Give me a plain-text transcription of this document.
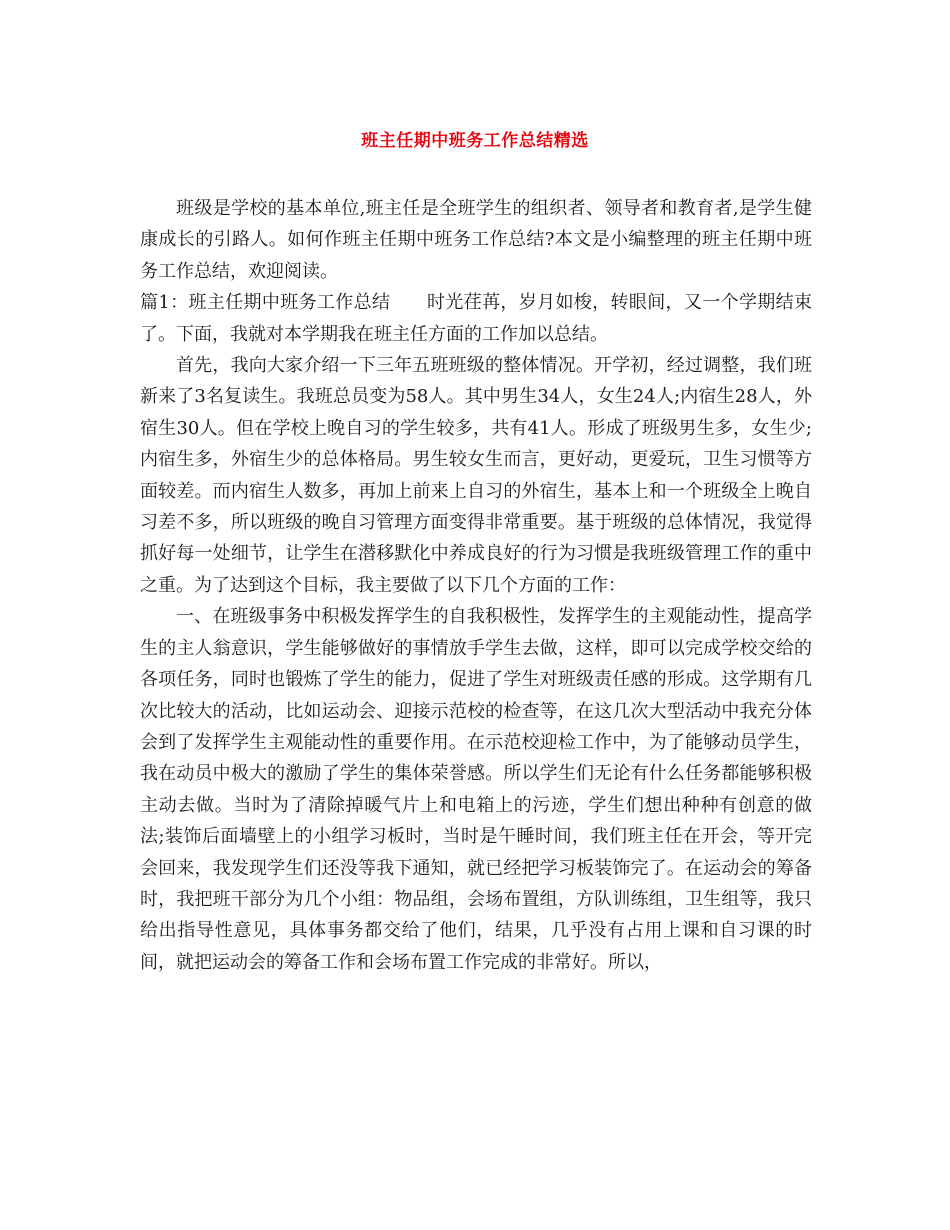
班主任期中班务工作总结精选

班级是学校的基本单位,班主任是全班学生的组织者、领导者和教育者,是学生健康成长的引路人。如何作班主任期中班务工作总结?本文是小编整理的班主任期中班务工作总结，欢迎阅读。

篇1：班主任期中班务工作总结　　时光荏苒，岁月如梭，转眼间，又一个学期结束了。下面，我就对本学期我在班主任方面的工作加以总结。

首先，我向大家介绍一下三年五班班级的整体情况。开学初，经过调整，我们班新来了3名复读生。我班总员变为58人。其中男生34人，女生24人;内宿生28人，外宿生30人。但在学校上晚自习的学生较多，共有41人。形成了班级男生多，女生少;内宿生多，外宿生少的总体格局。男生较女生而言，更好动，更爱玩，卫生习惯等方面较差。而内宿生人数多，再加上前来上自习的外宿生，基本上和一个班级全上晚自习差不多，所以班级的晚自习管理方面变得非常重要。基于班级的总体情况，我觉得抓好每一处细节，让学生在潜移默化中养成良好的行为习惯是我班级管理工作的重中之重。为了达到这个目标，我主要做了以下几个方面的工作：

一、在班级事务中积极发挥学生的自我积极性，发挥学生的主观能动性，提高学生的主人翁意识，学生能够做好的事情放手学生去做，这样，即可以完成学校交给的各项任务，同时也锻炼了学生的能力，促进了学生对班级责任感的形成。这学期有几次比较大的活动，比如运动会、迎接示范校的检查等，在这几次大型活动中我充分体会到了发挥学生主观能动性的重要作用。在示范校迎检工作中，为了能够动员学生，我在动员中极大的激励了学生的集体荣誉感。所以学生们无论有什么任务都能够积极主动去做。当时为了清除掉暖气片上和电箱上的污迹，学生们想出种种有创意的做法;装饰后面墙壁上的小组学习板时，当时是午睡时间，我们班主任在开会，等开完会回来，我发现学生们还没等我下通知，就已经把学习板装饰完了。在运动会的筹备时，我把班干部分为几个小组：物品组，会场布置组，方队训练组，卫生组等，我只给出指导性意见，具体事务都交给了他们，结果，几乎没有占用上课和自习课的时间，就把运动会的筹备工作和会场布置工作完成的非常好。所以，
